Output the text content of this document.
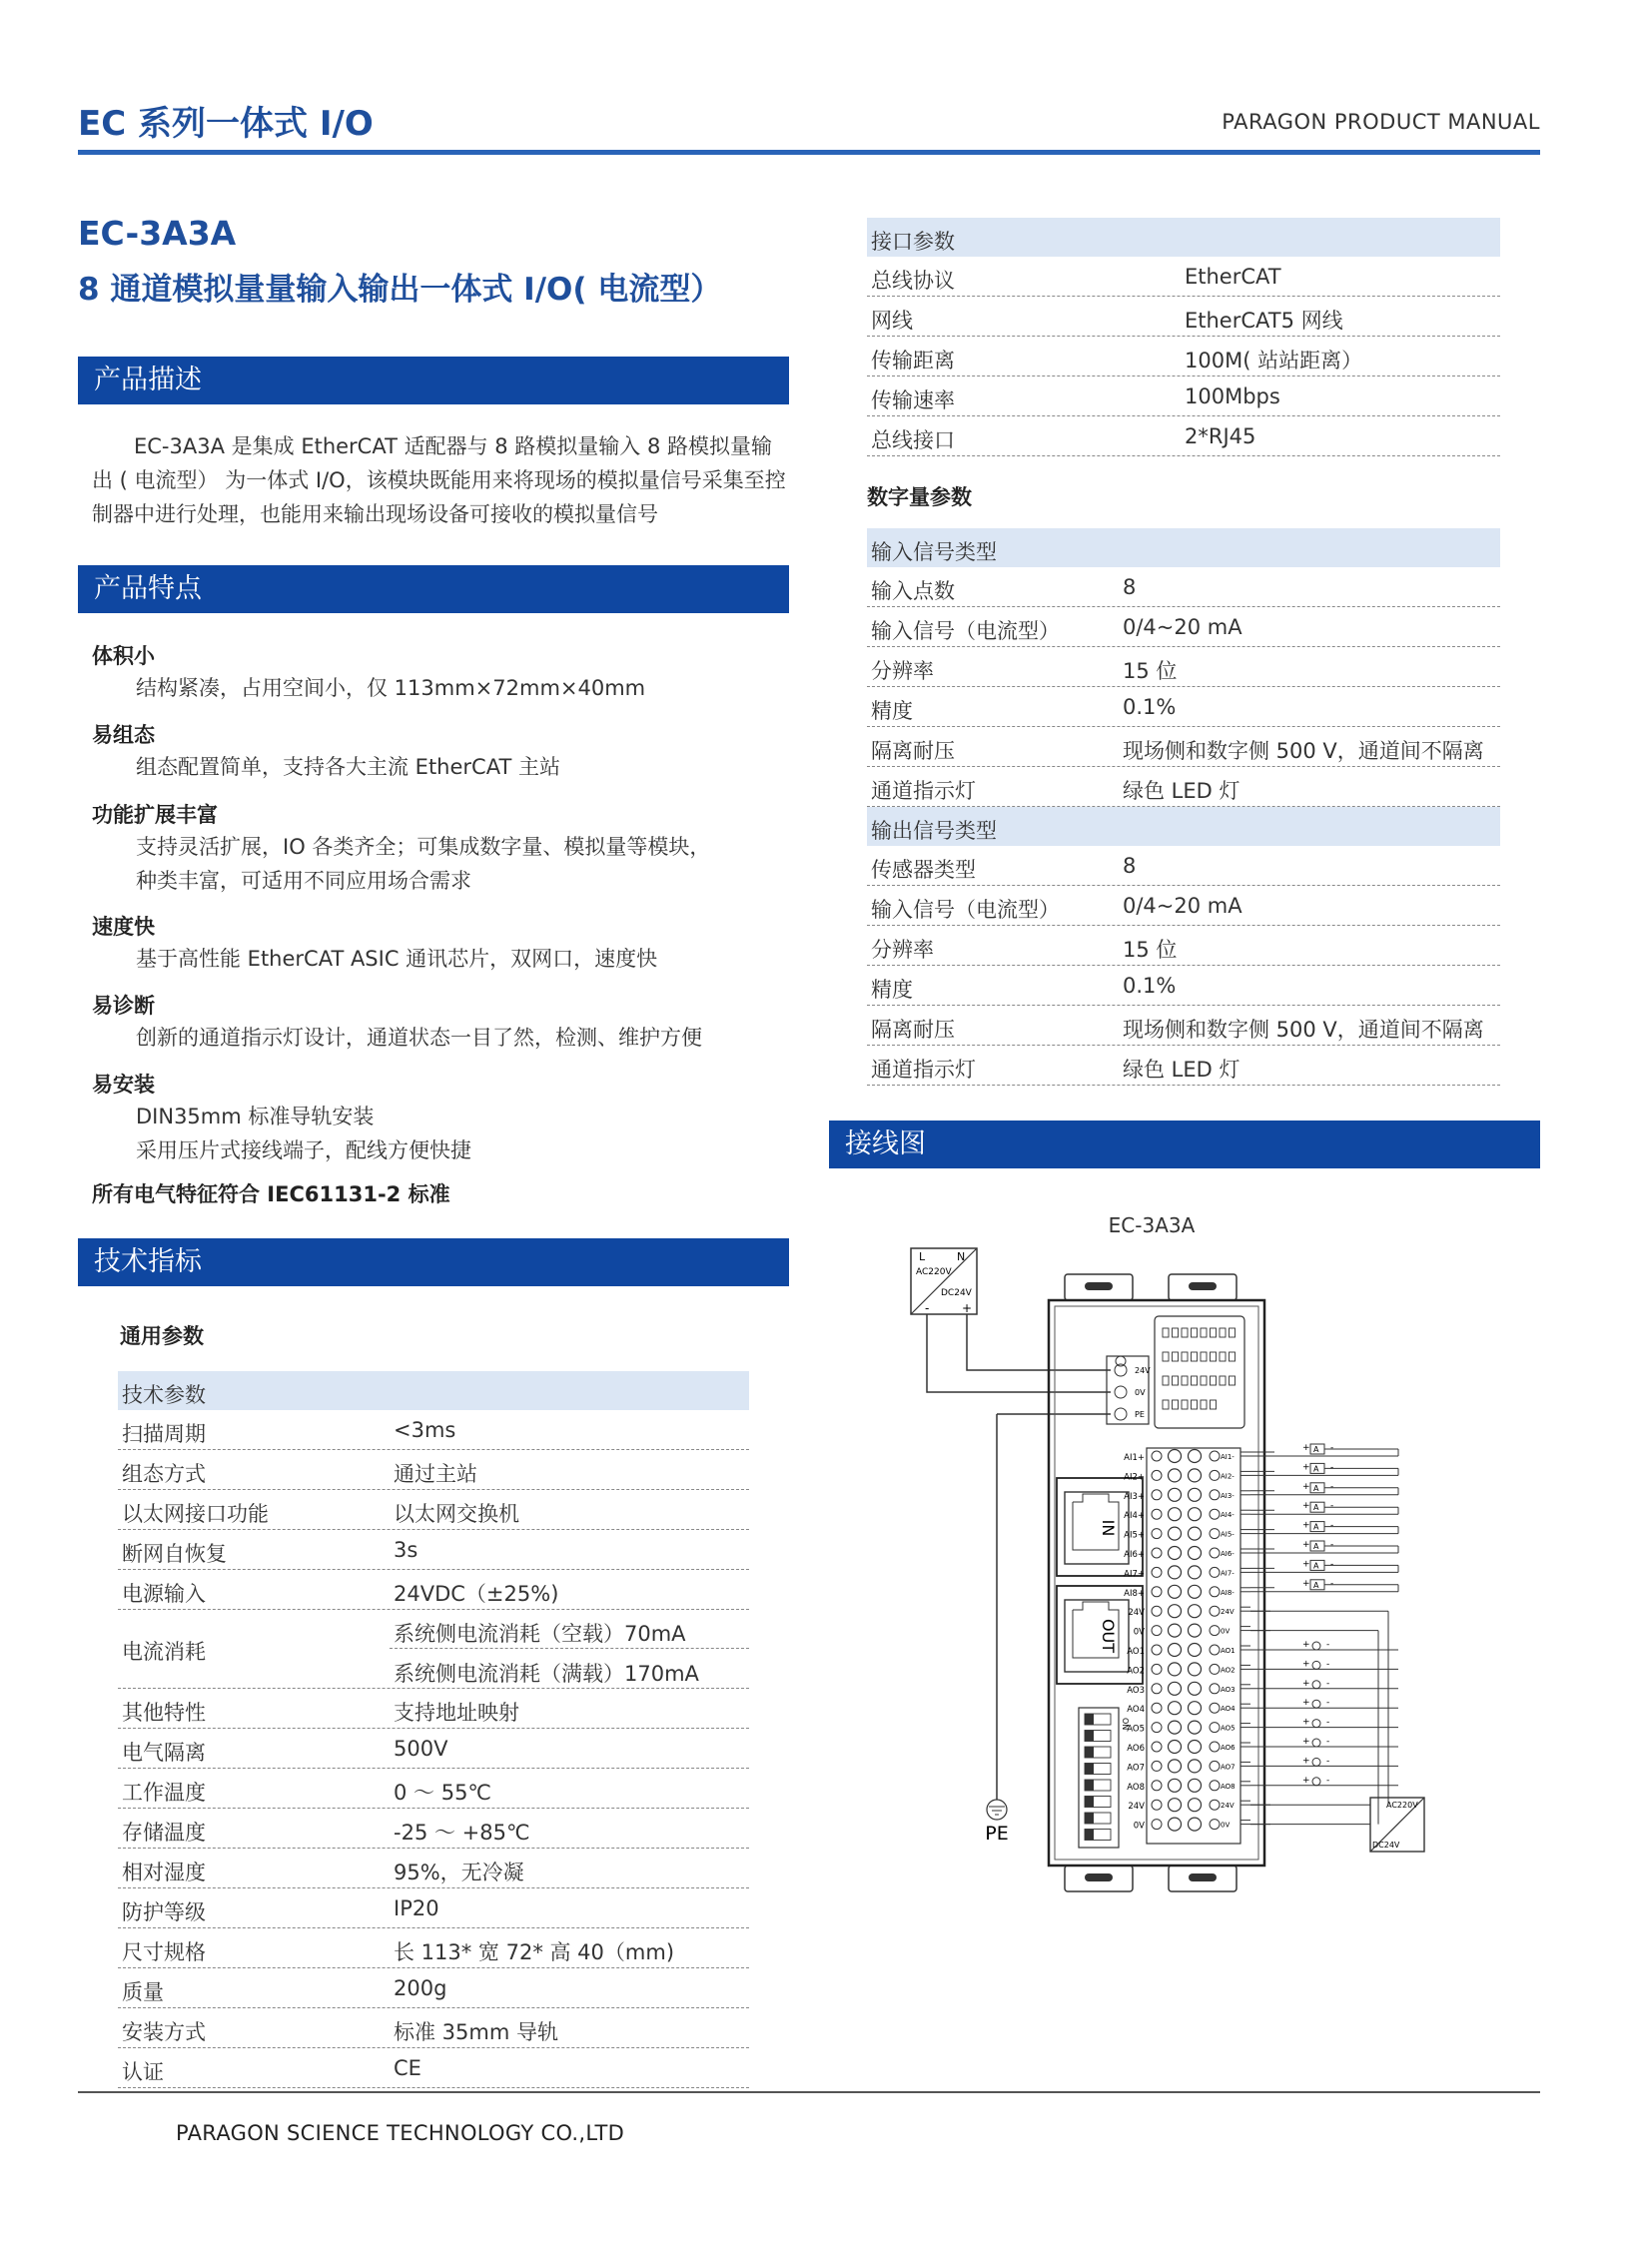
EC 系列一体式 I/O	PARAGON PRODUCT MANUAL
EC-3A3A
8 通道模拟量量输入输出一体式 I/O( 电流型）
产品描述
EC-3A3A 是集成 EtherCAT 适配器与 8 路模拟量输入 8 路模拟量输出 ( 电流型） 为一体式 I/O，该模块既能用来将现场的模拟量信号采集至控制器中进行处理，也能用来输出现场设备可接收的模拟量信号
产品特点
体积小
结构紧凑，占用空间小，仅 113mm×72mm×40mm
易组态
组态配置简单，支持各大主流 EtherCAT 主站
功能扩展丰富
支持灵活扩展，IO 各类齐全；可集成数字量、模拟量等模块，
种类丰富，可适用不同应用场合需求
速度快
基于高性能 EtherCAT ASIC 通讯芯片，双网口，速度快
易诊断
创新的通道指示灯设计，通道状态一目了然，检测、维护方便
易安装
DIN35mm 标准导轨安装
采用压片式接线端子，配线方便快捷
所有电气特征符合 IEC61131-2 标准
技术指标
通用参数
技术参数
扫描周期	<3ms
组态方式	通过主站
以太网接口功能	以太网交换机
断网自恢复	3s
电源输入	24VDC（±25%)
电流消耗
系统侧电流消耗（空载）70mA
系统侧电流消耗（满载）170mA
其他特性	支持地址映射
电气隔离	500V
工作温度	0 ～ 55℃
存储温度	-25 ～ +85℃
相对湿度	95%，无冷凝
防护等级	IP20
尺寸规格	长 113* 宽 72* 高 40（mm)
质量	200g
安装方式	标准 35mm 导轨
认证	CE
接口参数
总线协议	EtherCAT
网线	EtherCAT5 网线
传输距离	100M( 站站距离）
传输速率	100Mbps
总线接口	2*RJ45
数字量参数
输入信号类型
输入点数	8
输入信号（电流型）	0/4~20 mA
分辨率	15 位
精度	0.1%
隔离耐压	现场侧和数字侧 500 V，通道间不隔离
通道指示灯	绿色 LED 灯
输出信号类型
传感器类型	8
输入信号（电流型）	0/4~20 mA
分辨率	15 位
精度	0.1%
隔离耐压	现场侧和数字侧 500 V，通道间不隔离
通道指示灯	绿色 LED 灯
接线图
EC-3A3A
L	N
AC220V
DC24V
-	+
PE
24V
0V
PE
IN
OUT
ON
AI1+	AI1-
+ A -
AI2+	AI2-
+ A -
AI3+	AI3-
+ A -
AI4+	AI4-
+ A -
AI5+	AI5-
+ A -
AI6+	AI6-
+ A -
AI7+	AI7-
+ A -
AI8+	AI8-
+ A -
24V	24V
0V	0V
AO1	AO1
+ -
AO2	AO2
+ -
AO3	AO3
+ -
AO4	AO4
+ -
AO5	AO5
+ -
AO6	AO6
+ -
AO7	AO7
+ -
AO8	AO8
+ -
24V	24V
0V	0V
AC220V
DC24V
PARAGON SCIENCE TECHNOLOGY CO.,LTD
